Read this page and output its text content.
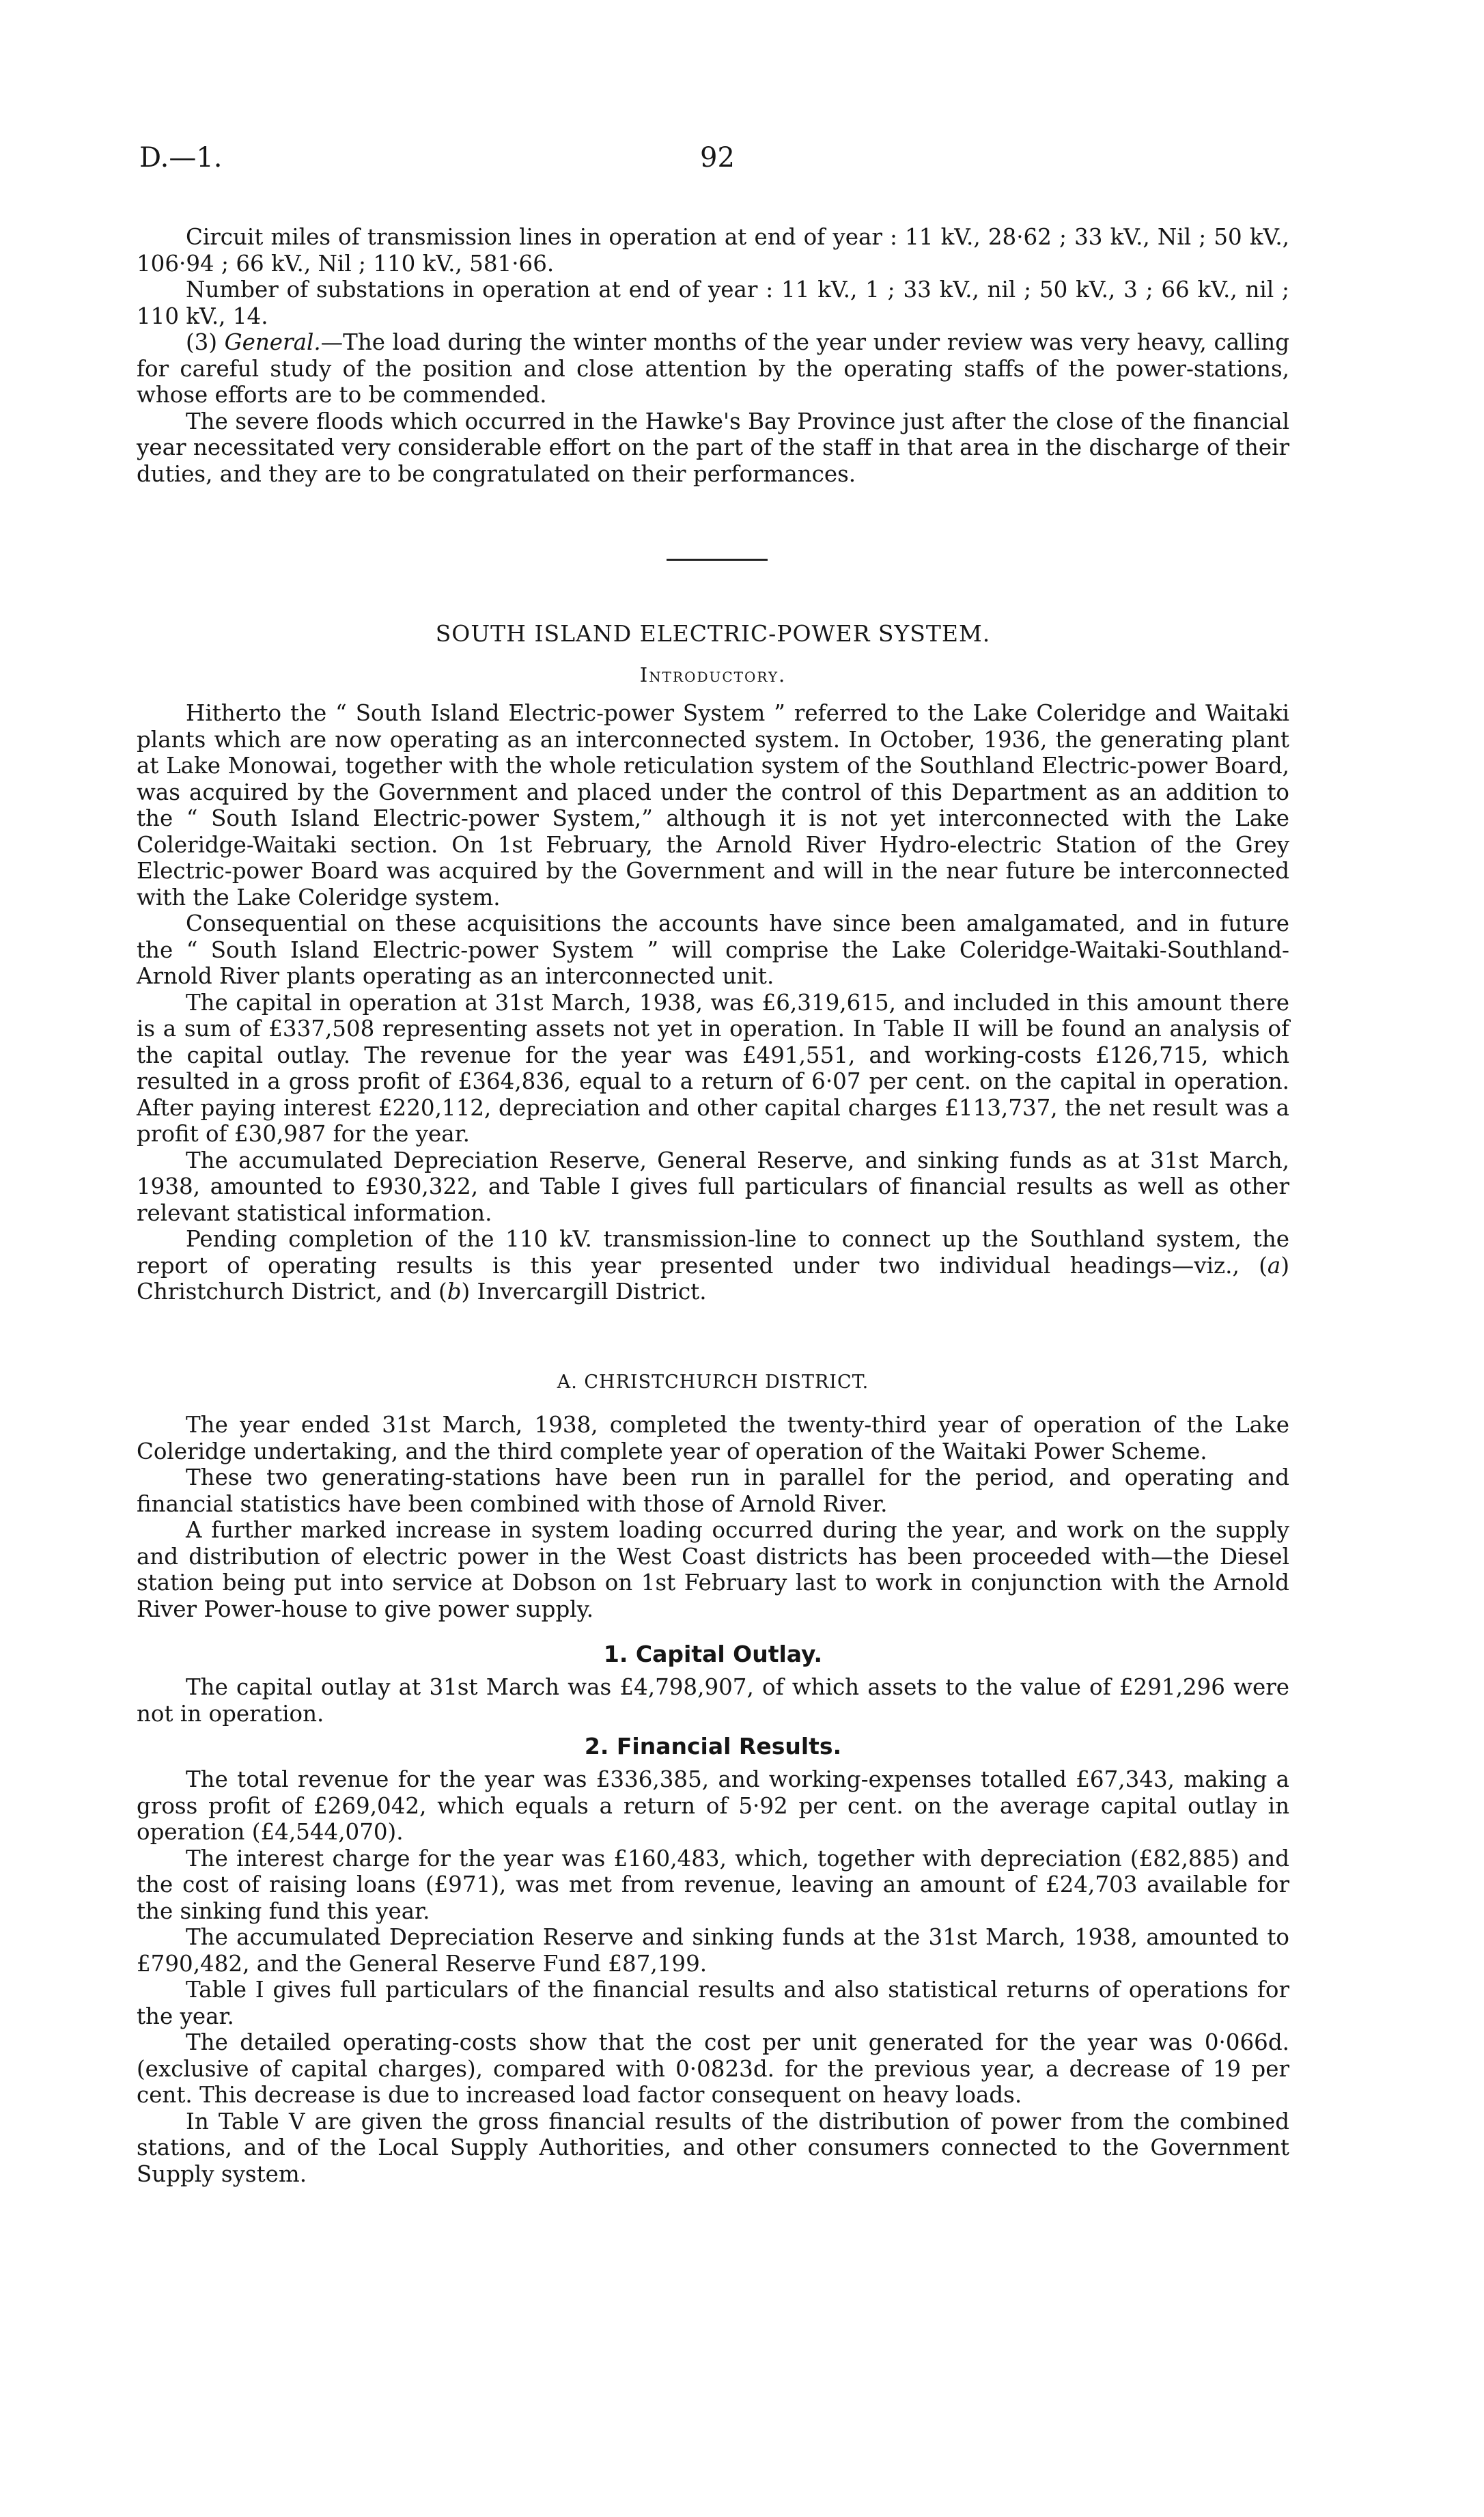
D.—1.	92

Circuit miles of transmission lines in operation at end of year : 11 kV., 28·62 ; 33 kV., Nil ; 50 kV., 106·94 ; 66 kV., Nil ; 110 kV., 581·66.

Number of substations in operation at end of year : 11 kV., 1 ; 33 kV., nil ; 50 kV., 3 ; 66 kV., nil ; 110 kV., 14.

(3) General.—The load during the winter months of the year under review was very heavy, calling for careful study of the position and close attention by the operating staffs of the power-stations, whose efforts are to be commended.

The severe floods which occurred in the Hawke's Bay Province just after the close of the financial year necessitated very considerable effort on the part of the staff in that area in the discharge of their duties, and they are to be congratulated on their performances.

SOUTH ISLAND ELECTRIC-POWER SYSTEM.
Introductory.

Hitherto the “ South Island Electric-power System ” referred to the Lake Coleridge and Waitaki plants which are now operating as an interconnected system. In October, 1936, the generating plant at Lake Monowai, together with the whole reticulation system of the Southland Electric-power Board, was acquired by the Government and placed under the control of this Department as an addition to the “ South Island Electric-power System,” although it is not yet interconnected with the Lake Coleridge-Waitaki section. On 1st February, the Arnold River Hydro-electric Station of the Grey Electric-power Board was acquired by the Government and will in the near future be interconnected with the Lake Coleridge system.

Consequential on these acquisitions the accounts have since been amalgamated, and in future the “ South Island Electric-power System ” will comprise the Lake Coleridge-Waitaki-Southland-Arnold River plants operating as an interconnected unit.

The capital in operation at 31st March, 1938, was £6,319,615, and included in this amount there is a sum of £337,508 representing assets not yet in operation. In Table II will be found an analysis of the capital outlay. The revenue for the year was £491,551, and working-costs £126,715, which resulted in a gross profit of £364,836, equal to a return of 6·07 per cent. on the capital in operation. After paying interest £220,112, depreciation and other capital charges £113,737, the net result was a profit of £30,987 for the year.

The accumulated Depreciation Reserve, General Reserve, and sinking funds as at 31st March, 1938, amounted to £930,322, and Table I gives full particulars of financial results as well as other relevant statistical information.

Pending completion of the 110 kV. transmission-line to connect up the Southland system, the report of operating results is this year presented under two individual headings—viz., (a) Christchurch District, and (b) Invercargill District.

A. CHRISTCHURCH DISTRICT.

The year ended 31st March, 1938, completed the twenty-third year of operation of the Lake Coleridge undertaking, and the third complete year of operation of the Waitaki Power Scheme.

These two generating-stations have been run in parallel for the period, and operating and financial statistics have been combined with those of Arnold River.

A further marked increase in system loading occurred during the year, and work on the supply and distribution of electric power in the West Coast districts has been proceeded with—the Diesel station being put into service at Dobson on 1st February last to work in conjunction with the Arnold River Power-house to give power supply.

1. Capital Outlay.

The capital outlay at 31st March was £4,798,907, of which assets to the value of £291,296 were not in operation.

2. Financial Results.

The total revenue for the year was £336,385, and working-expenses totalled £67,343, making a gross profit of £269,042, which equals a return of 5·92 per cent. on the average capital outlay in operation (£4,544,070).

The interest charge for the year was £160,483, which, together with depreciation (£82,885) and the cost of raising loans (£971), was met from revenue, leaving an amount of £24,703 available for the sinking fund this year.

The accumulated Depreciation Reserve and sinking funds at the 31st March, 1938, amounted to £790,482, and the General Reserve Fund £87,199.

Table I gives full particulars of the financial results and also statistical returns of operations for the year.

The detailed operating-costs show that the cost per unit generated for the year was 0·066d. (exclusive of capital charges), compared with 0·0823d. for the previous year, a decrease of 19 per cent. This decrease is due to increased load factor consequent on heavy loads.

In Table V are given the gross financial results of the distribution of power from the combined stations, and of the Local Supply Authorities, and other consumers connected to the Government Supply system.
